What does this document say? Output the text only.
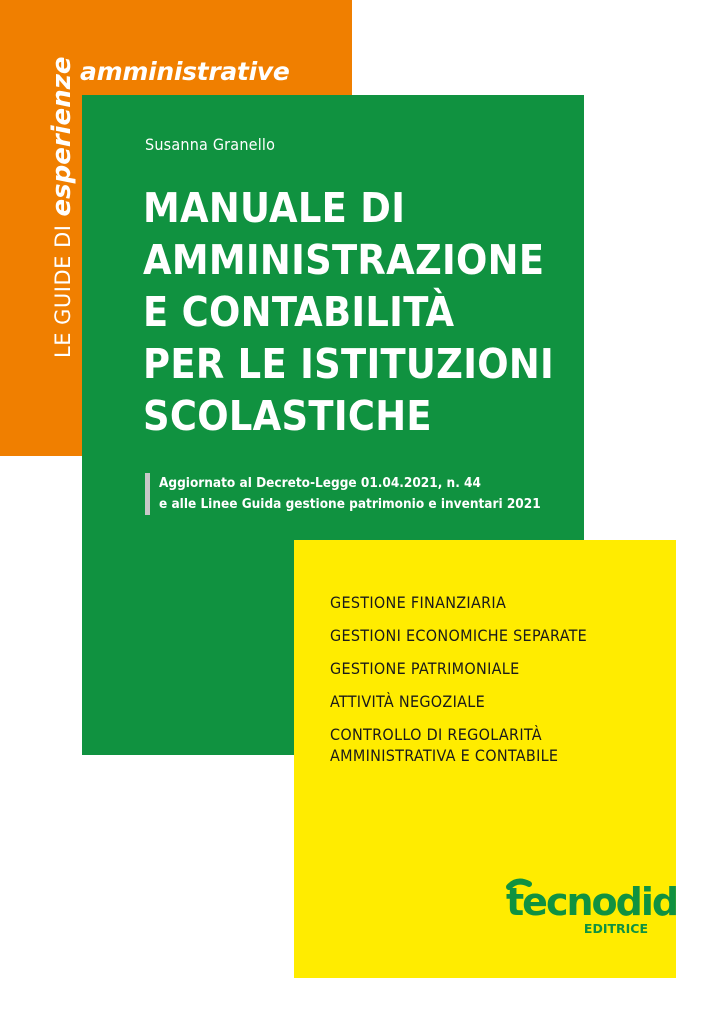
LE GUIDE DIesperienze amministrative
Susanna Granello
MANUALE DI
AMMINISTRAZIONE
E CONTABILITÀ
PER LE ISTITUZIONI
SCOLASTICHE
Aggiornato al Decreto-Legge 01.04.2021, n. 44
e alle Linee Guida gestione patrimonio e inventari 2021
GESTIONE FINANZIARIA
GESTIONI ECONOMICHE SEPARATE
GESTIONE PATRIMONIALE
ATTIVITÀ NEGOZIALE
CONTROLLO DI REGOLARITÀ
AMMINISTRATIVA E CONTABILE
tecnodid
EDITRICE
